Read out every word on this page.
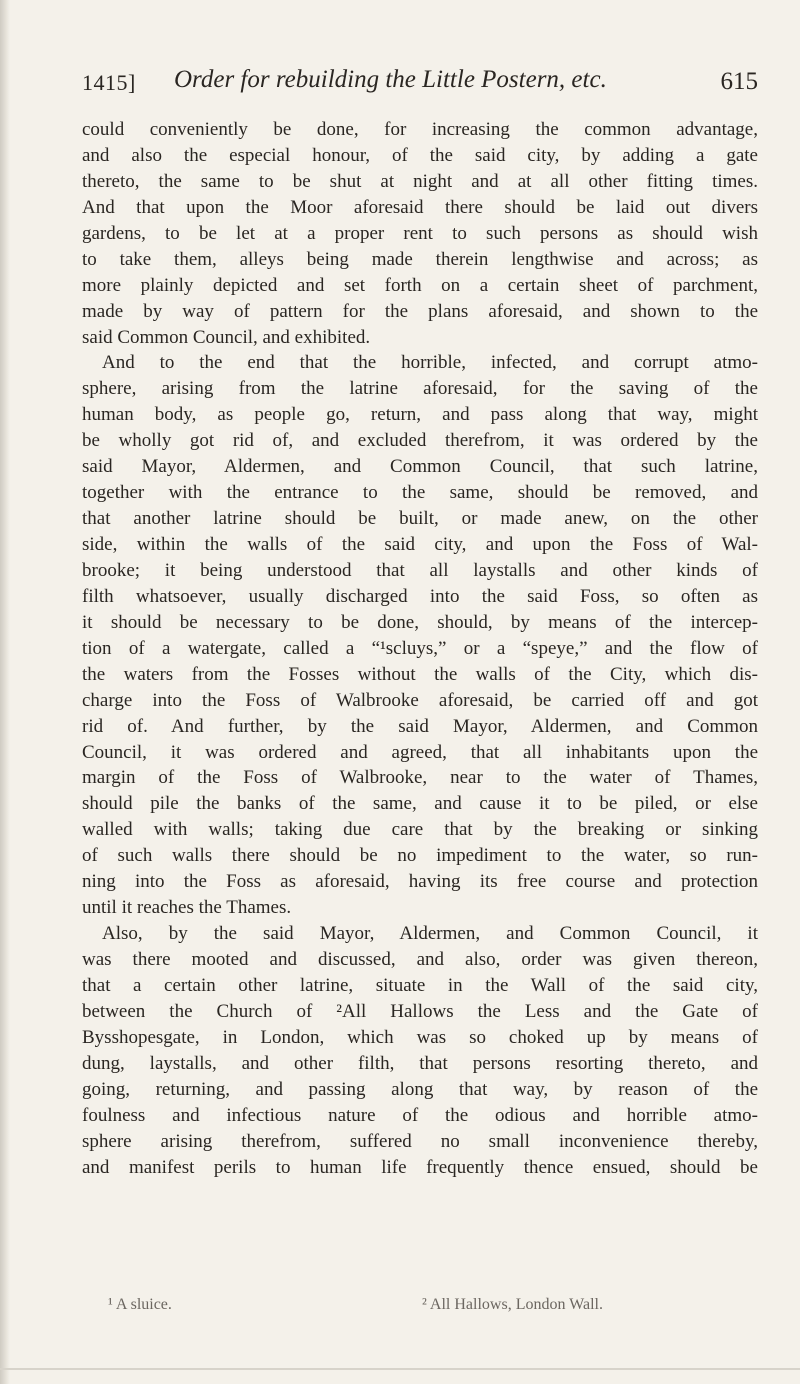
1415] Order for rebuilding the Little Postern, etc.	615
could conveniently be done, for increasing the common advantage,
and also the especial honour, of the said city, by adding a gate
thereto, the same to be shut at night and at all other fitting times.
And that upon the Moor aforesaid there should be laid out divers
gardens, to be let at a proper rent to such persons as should wish
to take them, alleys being made therein lengthwise and across; as
more plainly depicted and set forth on a certain sheet of parchment,
made by way of pattern for the plans aforesaid, and shown to the
said Common Council, and exhibited.
And to the end that the horrible, infected, and corrupt atmo-
sphere, arising from the latrine aforesaid, for the saving of the
human body, as people go, return, and pass along that way, might
be wholly got rid of, and excluded therefrom, it was ordered by the
said Mayor, Aldermen, and Common Council, that such latrine,
together with the entrance to the same, should be removed, and
that another latrine should be built, or made anew, on the other
side, within the walls of the said city, and upon the Foss of Wal-
brooke; it being understood that all laystalls and other kinds of
filth whatsoever, usually discharged into the said Foss, so often as
it should be necessary to be done, should, by means of the intercep-
tion of a watergate, called a “¹scluys,” or a “speye,” and the flow of
the waters from the Fosses without the walls of the City, which dis-
charge into the Foss of Walbrooke aforesaid, be carried off and got
rid of. And further, by the said Mayor, Aldermen, and Common
Council, it was ordered and agreed, that all inhabitants upon the
margin of the Foss of Walbrooke, near to the water of Thames,
should pile the banks of the same, and cause it to be piled, or else
walled with walls; taking due care that by the breaking or sinking
of such walls there should be no impediment to the water, so run-
ning into the Foss as aforesaid, having its free course and protection
until it reaches the Thames.
Also, by the said Mayor, Aldermen, and Common Council, it
was there mooted and discussed, and also, order was given thereon,
that a certain other latrine, situate in the Wall of the said city,
between the Church of ²All Hallows the Less and the Gate of
Bysshopesgate, in London, which was so choked up by means of
dung, laystalls, and other filth, that persons resorting thereto, and
going, returning, and passing along that way, by reason of the
foulness and infectious nature of the odious and horrible atmo-
sphere arising therefrom, suffered no small inconvenience thereby,
and manifest perils to human life frequently thence ensued, should be
¹ A sluice.	² All Hallows, London Wall.
